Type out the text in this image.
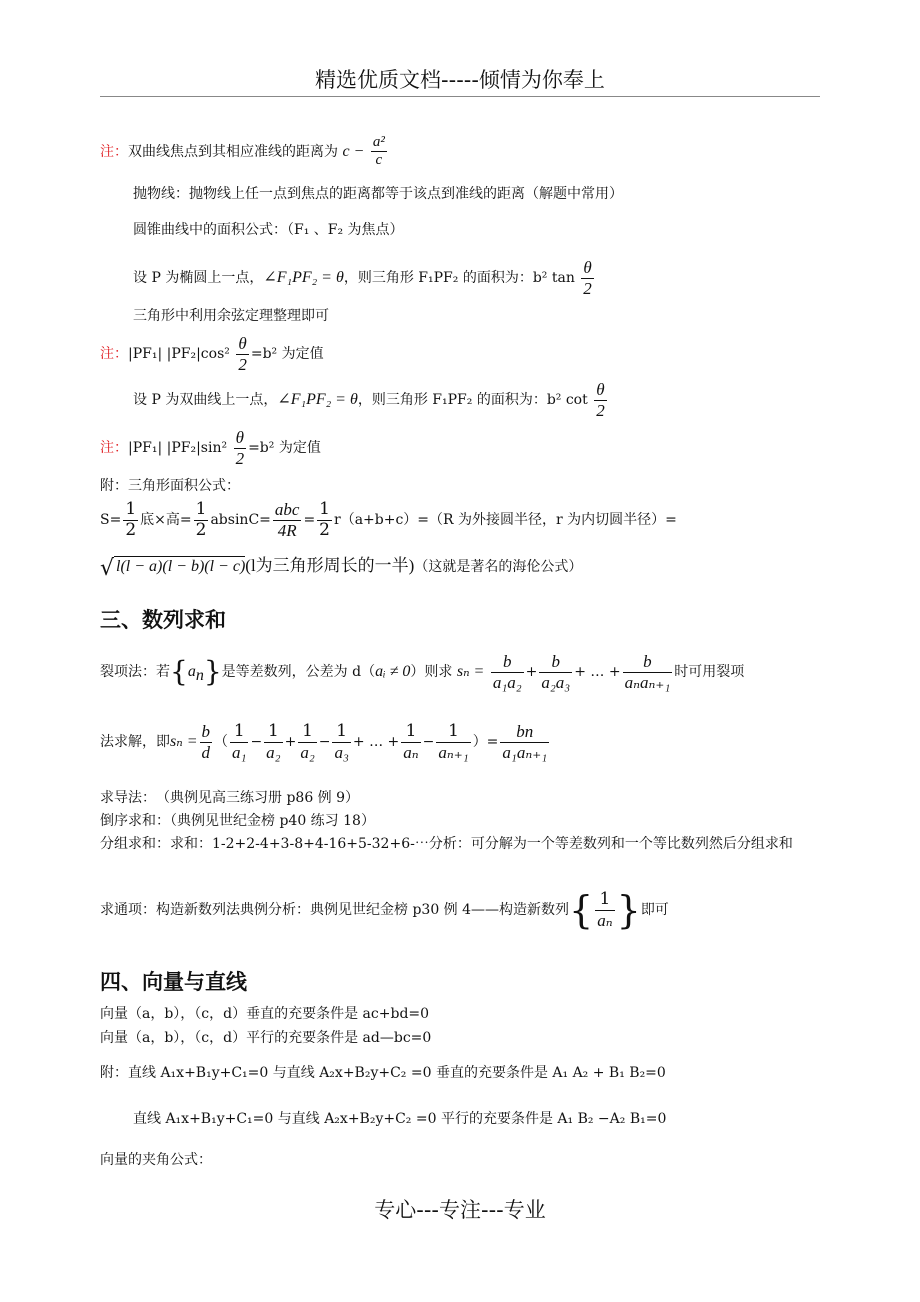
精选优质文档-----倾情为你奉上
注：双曲线焦点到其相应准线的距离为 $c - \frac{\text{a²}}{c}$
抛物线：抛物线上任一点到焦点的距离都等于该点到准线的距离（解题中常用）
圆锥曲线中的面积公式：（F₁ 、F₂ 为焦点）
设 P 为椭圆上一点，∠F₁PF₂ = θ，则三角形 F₁PF₂ 的面积为：b² $\tan \frac{\theta}{2}$
三角形中利用余弦定理整理即可
注：|PF₁| $|PF_2|\cos^2 \frac{\theta}{2} =b^2$ 为定值
设 P 为双曲线上一点，∠F₁PF₂ = θ，则三角形 F₁PF₂ 的面积为：b² $\cot \frac{\theta}{2}$
注：|PF₁| $|PF_2|\sin^2 \frac{\theta}{2} =b^2$ 为定值
附：三角形面积公式：
$S= \frac{1}{2}$ 底×高= $\frac{1}{2} absinC= \frac{\text{abc}}{4R} = \frac{1}{2} r(a+b+c)=(R$ 为外接圆半径，r 为内切圆半径）=
√ l(l − a)(l − b)(l − c)(l为三角形周长的一半)（这就是著名的海伦公式）
三、数列求和
裂项法：若$\{a_n\}$是等差数列，公差为 d（aᵢ ≠ 0）则求 $s_n = \frac{b}{\text{a₁a₂}} + \frac{b}{\text{a₂a₃}}$ + … + $\frac{b}{\text{aₙaₙ₊₁}}$ 时可用裂项
法求解，即$s_n = \frac{b}{d}$ （ $\frac{1}{\text{a₁}} - \frac{1}{\text{a₂}} + \frac{1}{\text{a₂}} - \frac{1}{\text{a₃}}$ + … + $\frac{1}{\text{aₙ}} - \frac{1}{\text{aₙ₊₁}}$ ）= $\frac{bn}{\text{a₁aₙ₊₁}}$
求导法：　（典例见高三练习册 p86 例 9）
倒序求和：（典例见世纪金榜 p40 练习 18）
分组求和：求和：1-2+2-4+3-8+4-16+5-32+6-⋯分析：可分解为一个等差数列和一个等比数列然后分组求和
求通项：构造新数列法典例分析：典例见世纪金榜 p30 例 4——构造新数列{ $\frac{1}{\text{aₙ}}$ }即可
四、向量与直线
向量（a，b），（c，d）垂直的充要条件是 ac+bd=0
向量（a，b），（c，d）平行的充要条件是 ad—bc=0
附：直线 A₁x+B₁y+C₁=0 与直线 A₂x+B₂y+C₂ =0 垂直的充要条件是 A₁ A₂ + B₁ B₂=0
直线 A₁x+B₁y+C₁=0 与直线 A₂x+B₂y+C₂ =0 平行的充要条件是 A₁ B₂ −A₂ B₁=0
向量的夹角公式：
专心---专注---专业
